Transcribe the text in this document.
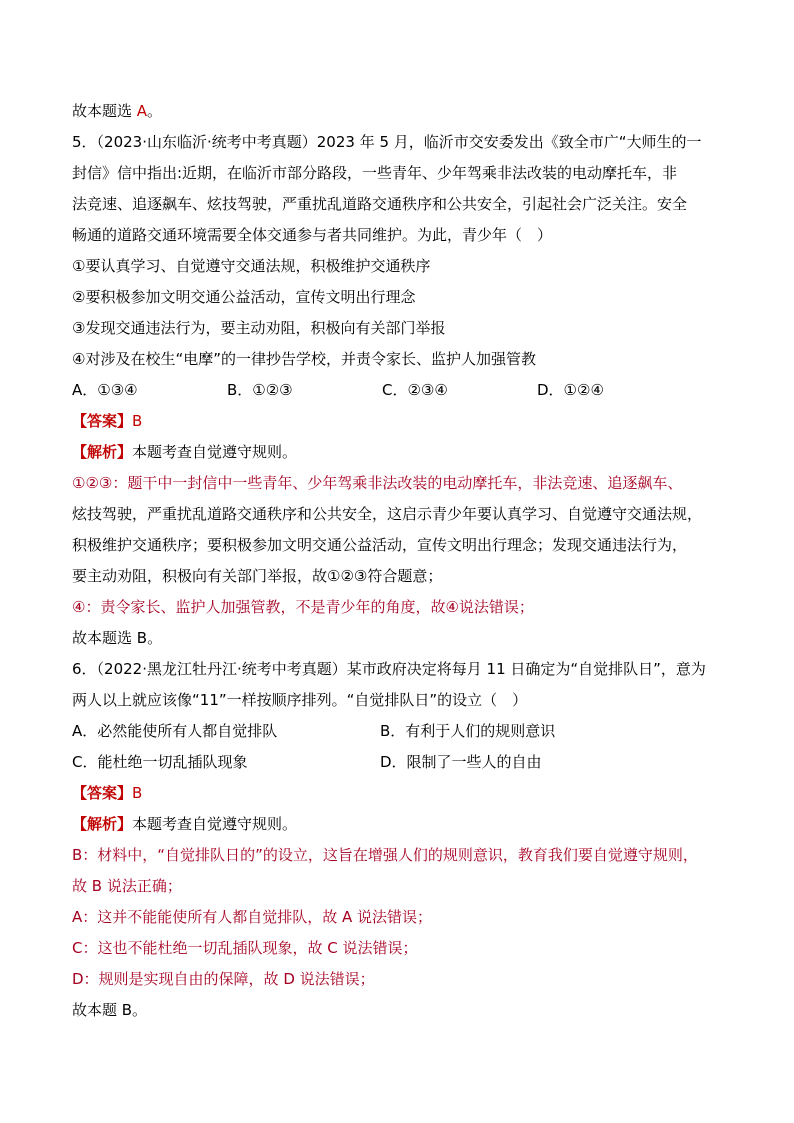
故本题选 A。
5．（2023·山东临沂·统考中考真题）2023 年 5 月，临沂市交安委发出《致全市广“大师生的一
封信》信中指出:近期，在临沂市部分路段，一些青年、少年驾乘非法改装的电动摩托车，非
法竞速、追逐飙车、炫技驾驶，严重扰乱道路交通秩序和公共安全，引起社会广泛关注。安全
畅通的道路交通环境需要全体交通参与者共同维护。为此，青少年（　）
①要认真学习、自觉遵守交通法规，积极维护交通秩序
②要积极参加文明交通公益活动，宣传文明出行理念
③发现交通违法行为，要主动劝阻，积极向有关部门举报
④对涉及在校生“电摩”的一律抄告学校，并责令家长、监护人加强管教
A．①③④	B．①②③	C．②③④	D．①②④
【答案】B
【解析】本题考查自觉遵守规则。
①②③：题干中一封信中一些青年、少年驾乘非法改装的电动摩托车，非法竞速、追逐飙车、
炫技驾驶，严重扰乱道路交通秩序和公共安全，这启示青少年要认真学习、自觉遵守交通法规，
积极维护交通秩序；要积极参加文明交通公益活动，宣传文明出行理念；发现交通违法行为，
要主动劝阻，积极向有关部门举报，故①②③符合题意；
④：责令家长、监护人加强管教，不是青少年的角度，故④说法错误；
故本题选 B。
6．（2022·黑龙江牡丹江·统考中考真题）某市政府决定将每月 11 日确定为“自觉排队日”，意为
两人以上就应该像“11”一样按顺序排列。“自觉排队日”的设立（　）
A．必然能使所有人都自觉排队	B．有利于人们的规则意识
C．能杜绝一切乱插队现象	D．限制了一些人的自由
【答案】B
【解析】本题考查自觉遵守规则。
B：材料中，“自觉排队日的”的设立，这旨在增强人们的规则意识，教育我们要自觉遵守规则，
故 B 说法正确；
A：这并不能能使所有人都自觉排队，故 A 说法错误；
C：这也不能杜绝一切乱插队现象，故 C 说法错误；
D：规则是实现自由的保障，故 D 说法错误；
故本题 B。
